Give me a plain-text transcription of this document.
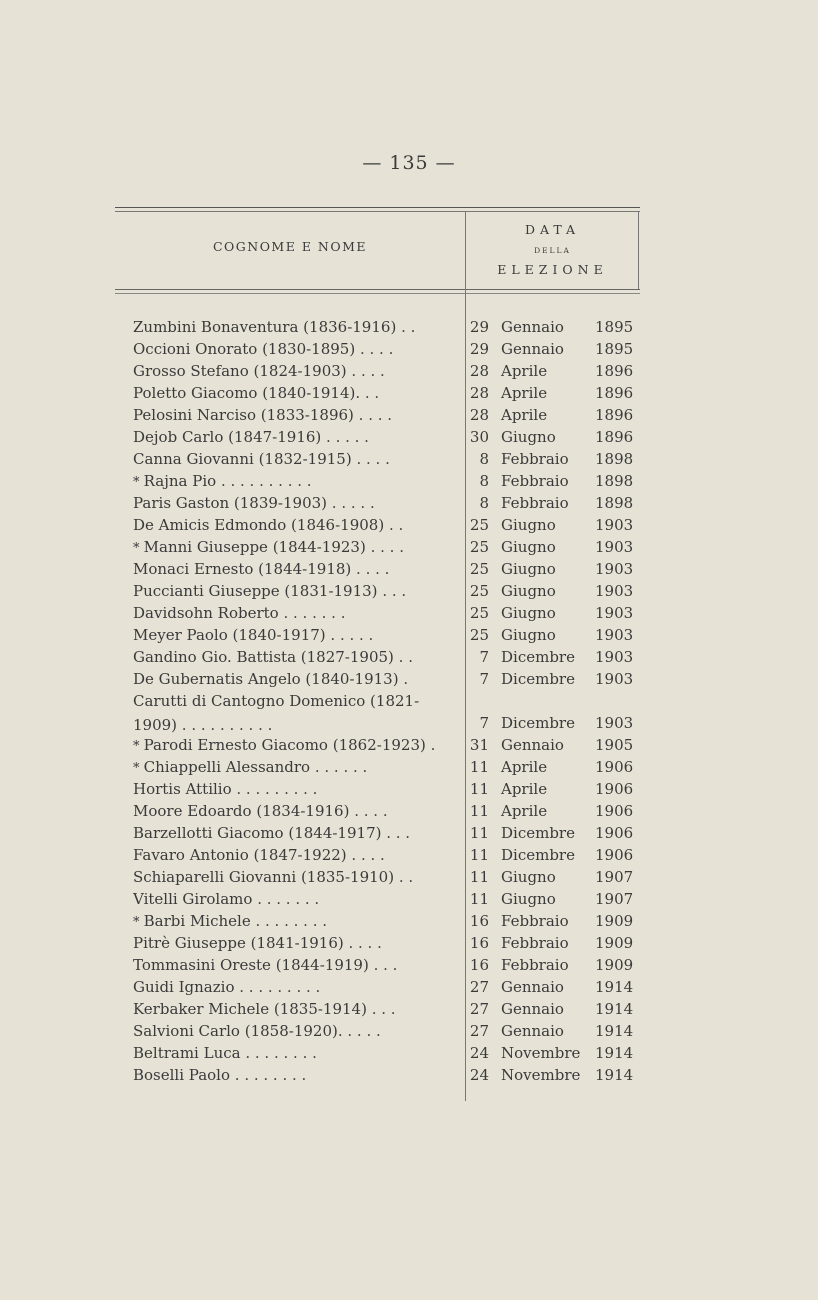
— 135 —
COGNOME E NOME
DATA
DELLA
ELEZIONE
Zumbini Bonaventura (1836-1916) . .	29 Gennaio 1895
Occioni Onorato (1830-1895) . . . .	29 Gennaio 1895
Grosso Stefano (1824-1903) . . . .	28 Aprile	1896
Poletto Giacomo (1840-1914). . .	28 Aprile	1896
Pelosini Narciso (1833-1896) . . . .	28 Aprile	1896
Dejob Carlo (1847-1916) . . . . .	30 Giugno	1896
Canna Giovanni (1832-1915) . . . .	8 Febbraio 1898
* Rajna Pio . . . . . . . . . .	8 Febbraio 1898
Paris Gaston (1839-1903) . . . . .	8 Febbraio 1898
De Amicis Edmondo (1846-1908) . .	25 Giugno	1903
* Manni Giuseppe (1844-1923) . . . .	25 Giugno	1903
Monaci Ernesto (1844-1918) . . . .	25 Giugno	1903
Puccianti Giuseppe (1831-1913) . . .	25 Giugno	1903
Davidsohn Roberto . . . . . . .	25 Giugno	1903
Meyer Paolo (1840-1917) . . . . .	25 Giugno	1903
Gandino Gio. Battista (1827-1905) . .	7 Dicembre 1903
De Gubernatis Angelo (1840-1913) .	7 Dicembre 1903
Carutti di Cantogno Domenico (1821-1909) . . . . . . . . . .	7 Dicembre 1903
* Parodi Ernesto Giacomo (1862-1923) .	31 Gennaio 1905
* Chiappelli Alessandro . . . . . .	11 Aprile	1906
Hortis Attilio . . . . . . . . .	11 Aprile	1906
Moore Edoardo (1834-1916) . . . .	11 Aprile	1906
Barzellotti Giacomo (1844-1917) . . .	11 Dicembre 1906
Favaro Antonio (1847-1922) . . . .	11 Dicembre 1906
Schiaparelli Giovanni (1835-1910) . .	11 Giugno	1907
Vitelli Girolamo . . . . . . .	11 Giugno	1907
* Barbi Michele . . . . . . . .	16 Febbraio 1909
Pitrè Giuseppe (1841-1916) . . . .	16 Febbraio 1909
Tommasini Oreste (1844-1919) . . .	16 Febbraio 1909
Guidi Ignazio . . . . . . . . .	27 Gennaio 1914
Kerbaker Michele (1835-1914) . . .	27 Gennaio 1914
Salvioni Carlo (1858-1920). . . . .	27 Gennaio 1914
Beltrami Luca . . . . . . . .	24 Novembre 1914
Boselli Paolo . . . . . . . .	24 Novembre 1914
